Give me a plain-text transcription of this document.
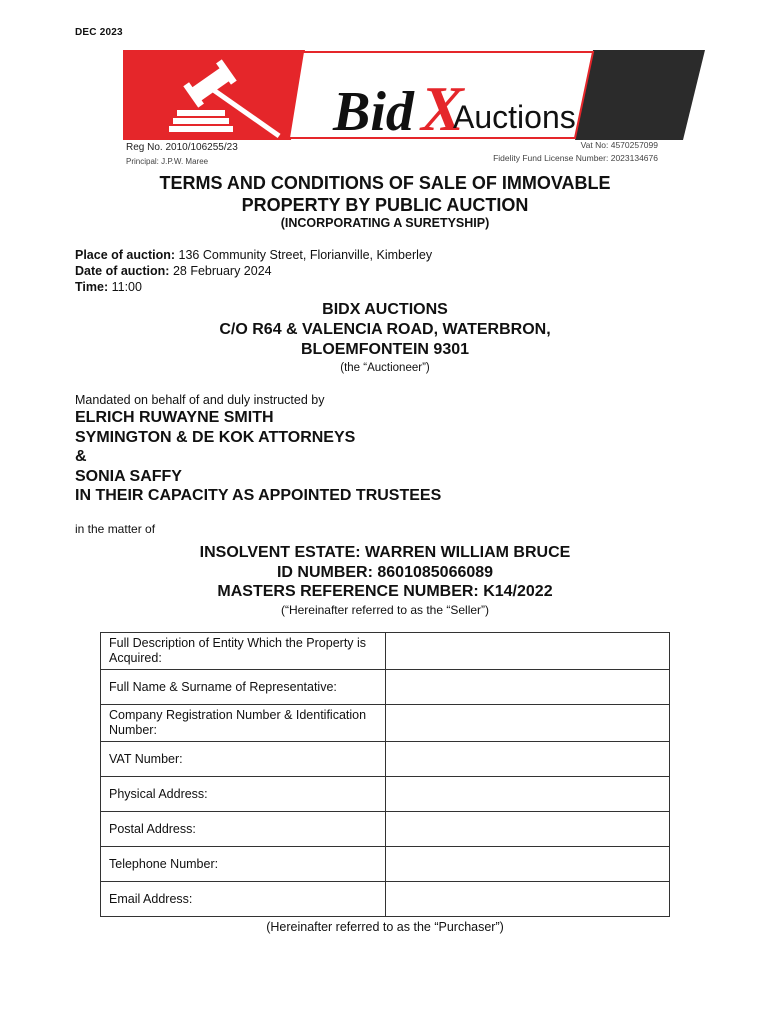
DEC 2023
Bid X
Auctions
Reg No. 2010/106255/23
Principal: J.P.W. Maree
Vat No: 4570257099
Fidelity Fund License Number: 2023134676
TERMS AND CONDITIONS OF SALE OF IMMOVABLE
PROPERTY BY PUBLIC AUCTION
(INCORPORATING A SURETYSHIP)
Place of auction: 136 Community Street, Florianville, Kimberley
Date of auction: 28 February 2024
Time: 11:00
BIDX AUCTIONS
C/O R64 & VALENCIA ROAD, WATERBRON,
BLOEMFONTEIN 9301
(the “Auctioneer”)
Mandated on behalf of and duly instructed by
ELRICH RUWAYNE SMITH
SYMINGTON & DE KOK ATTORNEYS
&
SONIA SAFFY
IN THEIR CAPACITY AS APPOINTED TRUSTEES
in the matter of
INSOLVENT ESTATE: WARREN WILLIAM BRUCE
ID NUMBER: 8601085066089
MASTERS REFERENCE NUMBER: K14/2022
(“Hereinafter referred to as the “Seller”)
Full Description of Entity Which the Property is Acquired:	
Full Name & Surname of Representative:	
Company Registration Number & Identification Number:	
VAT Number:	
Physical Address:	
Postal Address:	
Telephone Number:	
Email Address:	
(Hereinafter referred to as the “Purchaser”)
